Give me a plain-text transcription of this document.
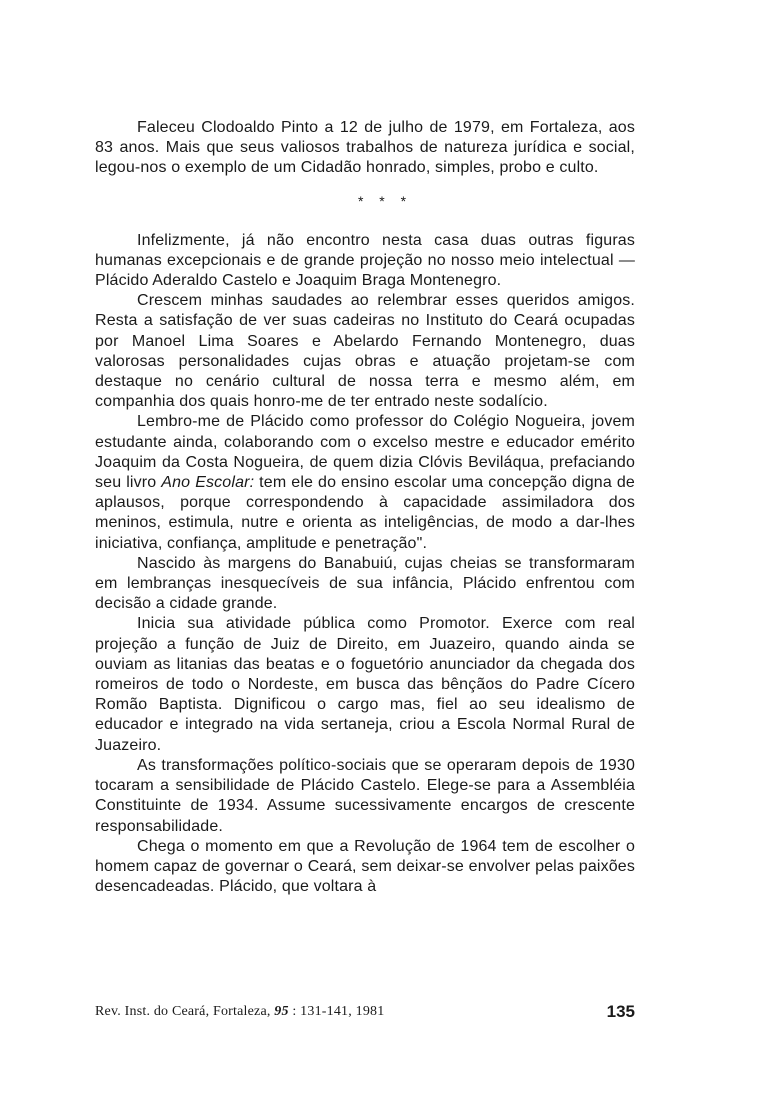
Faleceu Clodoaldo Pinto a 12 de julho de 1979, em Fortaleza, aos 83 anos. Mais que seus valiosos trabalhos de natureza jurídica e social, legou-nos o exemplo de um Cidadão honrado, simples, probo e culto.

* * *

Infelizmente, já não encontro nesta casa duas outras figuras humanas excepcionais e de grande projeção no nosso meio intelectual — Plácido Aderaldo Castelo e Joaquim Braga Montenegro.

Crescem minhas saudades ao relembrar esses queridos amigos. Resta a satisfação de ver suas cadeiras no Instituto do Ceará ocupadas por Manoel Lima Soares e Abelardo Fernando Montenegro, duas valorosas personalidades cujas obras e atuação projetam-se com destaque no cenário cultural de nossa terra e mesmo além, em companhia dos quais honro-me de ter entrado neste sodalício.

Lembro-me de Plácido como professor do Colégio Nogueira, jovem estudante ainda, colaborando com o excelso mestre e educador emérito Joaquim da Costa Nogueira, de quem dizia Clóvis Beviláqua, prefaciando seu livro Ano Escolar: tem ele do ensino escolar uma concepção digna de aplausos, porque correspondendo à capacidade assimiladora dos meninos, estimula, nutre e orienta as inteligências, de modo a dar-lhes iniciativa, confiança, amplitude e penetração".

Nascido às margens do Banabuiú, cujas cheias se transformaram em lembranças inesquecíveis de sua infância, Plácido enfrentou com decisão a cidade grande.

Inicia sua atividade pública como Promotor. Exerce com real projeção a função de Juiz de Direito, em Juazeiro, quando ainda se ouviam as litanias das beatas e o foguetório anunciador da chegada dos romeiros de todo o Nordeste, em busca das bênçãos do Padre Cícero Romão Baptista. Dignificou o cargo mas, fiel ao seu idealismo de educador e integrado na vida sertaneja, criou a Escola Normal Rural de Juazeiro.

As transformações político-sociais que se operaram depois de 1930 tocaram a sensibilidade de Plácido Castelo. Elege-se para a Assembléia Constituinte de 1934. Assume sucessivamente encargos de crescente responsabilidade.

Chega o momento em que a Revolução de 1964 tem de escolher o homem capaz de governar o Ceará, sem deixar-se envolver pelas paixões desencadeadas. Plácido, que voltara à

Rev. Inst. do Ceará, Fortaleza, 95 : 131-141, 1981	135
